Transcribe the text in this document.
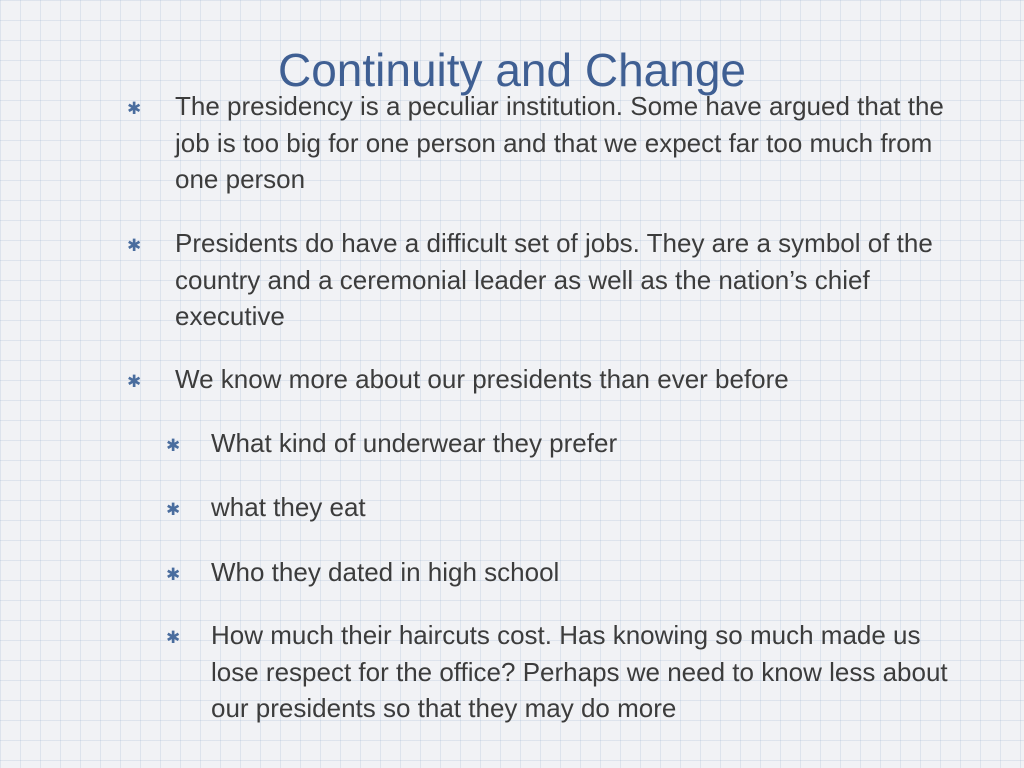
✱ The presidency is a peculiar institution. Some have argued that the job is too big for one person and that we expect far too much from one person
✱ Presidents do have a difficult set of jobs. They are a symbol of the country and a ceremonial leader as well as the nation’s chief executive
✱ We know more about our presidents than ever before
✱ What kind of underwear they prefer
✱ what they eat
✱ Who they dated in high school
✱ How much their haircuts cost. Has knowing so much made us lose respect for the office? Perhaps we need to know less about our presidents so that they may do more
Continuity and Change
